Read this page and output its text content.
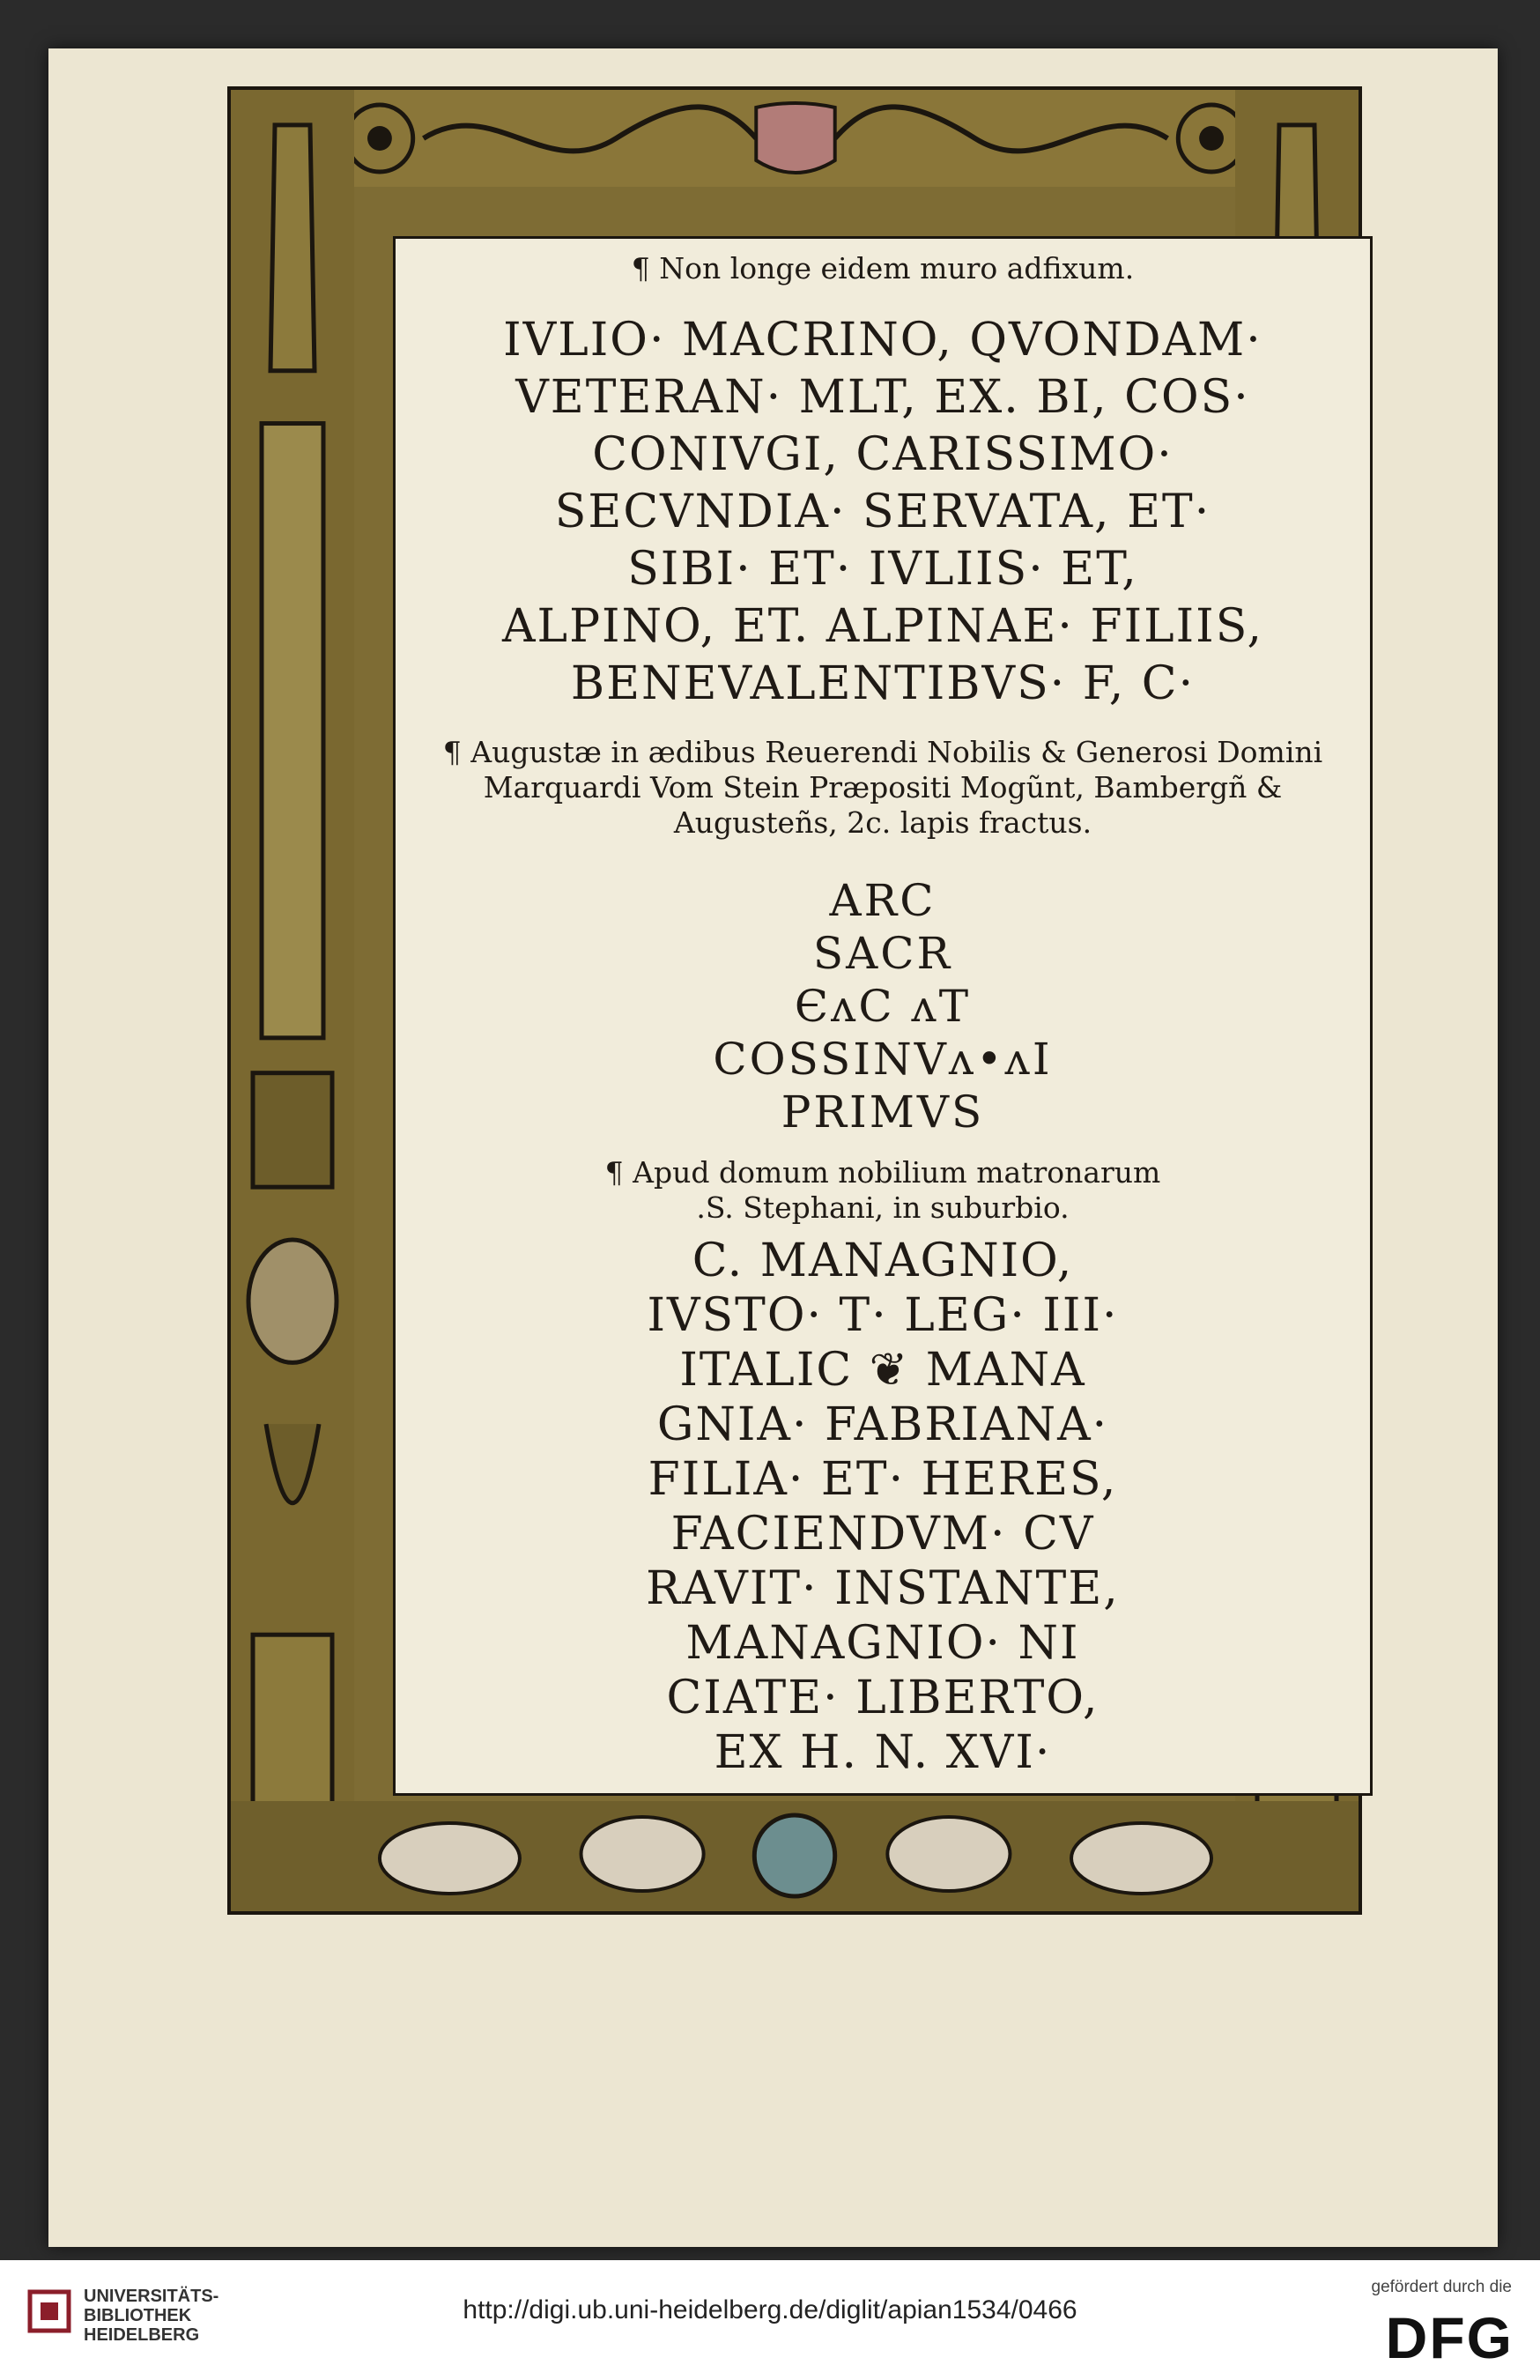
¶ Non longe eidem muro adfixum.
IVLIO· MACRINO, QVONDAM·
VETERAN· MLT, EX. BI, COS·
CONIVGI, CARISSIMO·
SECVNDIA· SERVATA, ET·
SIBI· ET· IVLIIS· ET,
ALPINO, ET. ALPINAE· FILIIS,
BENEVALENTIBVS· F, C·
¶ Augustæ in ædibus Reuerendi Nobilis & Generosi Domini
Marquardi Vom Stein Præpositi Mogũnt, Bambergñ &
Augusteñs, 2c. lapis fractus.
ARC
SACR
ЄᴧC ᴧT
COSSINVᴧ•ᴧI
PRIMVS
¶ Apud domum nobilium matronarum
.S. Stephani, in suburbio.
C. MANAGNIO,
IVSTO· T· LEG· III·
ITALIC ❦ MANA
GNIA· FABRIANA·
FILIA· ET· HERES,
FACIENDVM· CV
RAVIT· INSTANTE,
MANAGNIO· NI
CIATE· LIBERTO,
EX H. N. XVI·
UNIVERSITÄTS-
BIBLIOTHEK
HEIDELBERG
http://digi.ub.uni-heidelberg.de/diglit/apian1534/0466
gefördert durch die
DFG
